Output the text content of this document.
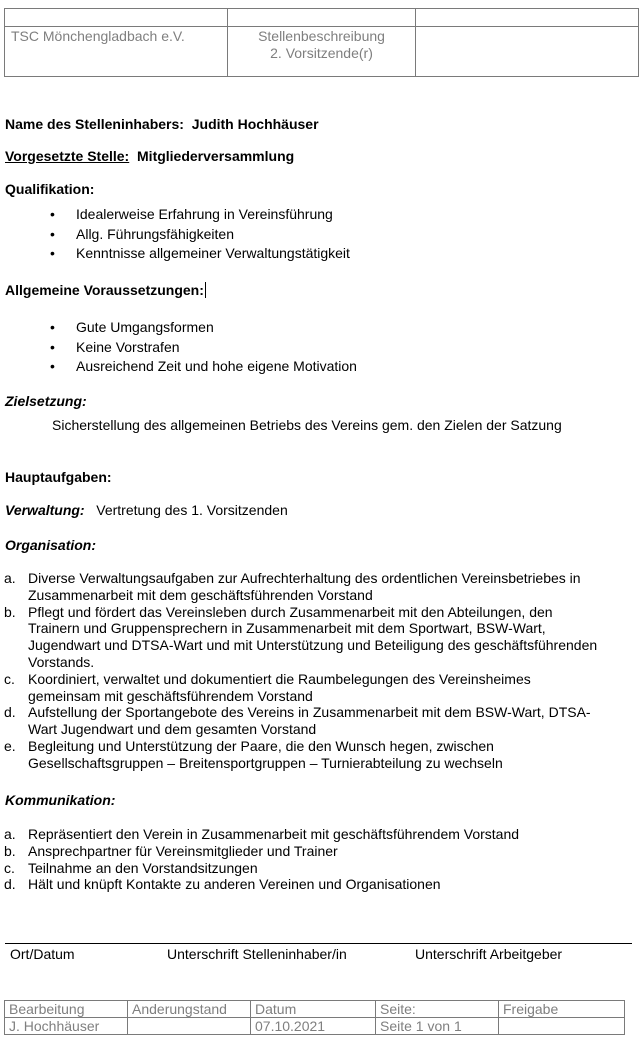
TSC Mönchengladbach e.V.	Stellenbeschreibung
2. Vorsitzende(r)	

Name des Stelleninhabers: Judith Hochhäuser
Vorgesetzte Stelle: Mitgliederversammlung
Qualifikation:
• Idealerweise Erfahrung in Vereinsführung
• Allg. Führungsfähigkeiten
• Kenntnisse allgemeiner Verwaltungstätigkeit
Allgemeine Voraussetzungen:
• Gute Umgangsformen
• Keine Vorstrafen
• Ausreichend Zeit und hohe eigene Motivation
Zielsetzung:
Sicherstellung des allgemeinen Betriebs des Vereins gem. den Zielen der Satzung
Hauptaufgaben:
Verwaltung: Vertretung des 1. Vorsitzenden
Organisation:
a. Diverse Verwaltungsaufgaben zur Aufrechterhaltung des ordentlichen Vereinsbetriebes in
Zusammenarbeit mit dem geschäftsführenden Vorstand
b. Pflegt und fördert das Vereinsleben durch Zusammenarbeit mit den Abteilungen, den
Trainern und Gruppensprechern in Zusammenarbeit mit dem Sportwart, BSW-Wart,
Jugendwart und DTSA-Wart und mit Unterstützung und Beteiligung des geschäftsführenden
Vorstands.
c. Koordiniert, verwaltet und dokumentiert die Raumbelegungen des Vereinsheimes
gemeinsam mit geschäftsführendem Vorstand
d. Aufstellung der Sportangebote des Vereins in Zusammenarbeit mit dem BSW-Wart, DTSA-
Wart Jugendwart und dem gesamten Vorstand
e. Begleitung und Unterstützung der Paare, die den Wunsch hegen, zwischen
Gesellschaftsgruppen – Breitensportgruppen – Turnierabteilung zu wechseln
Kommunikation:
a. Repräsentiert den Verein in Zusammenarbeit mit geschäftsführendem Vorstand
b. Ansprechpartner für Vereinsmitglieder und Trainer
c. Teilnahme an den Vorstandsitzungen
d. Hält und knüpft Kontakte zu anderen Vereinen und Organisationen
Ort/Datum	Unterschrift Stelleninhaber/in	Unterschrift Arbeitgeber
Bearbeitung	Anderungstand	Datum	Seite:	Freigabe
J. Hochhäuser		07.10.2021	Seite 1 von 1	
